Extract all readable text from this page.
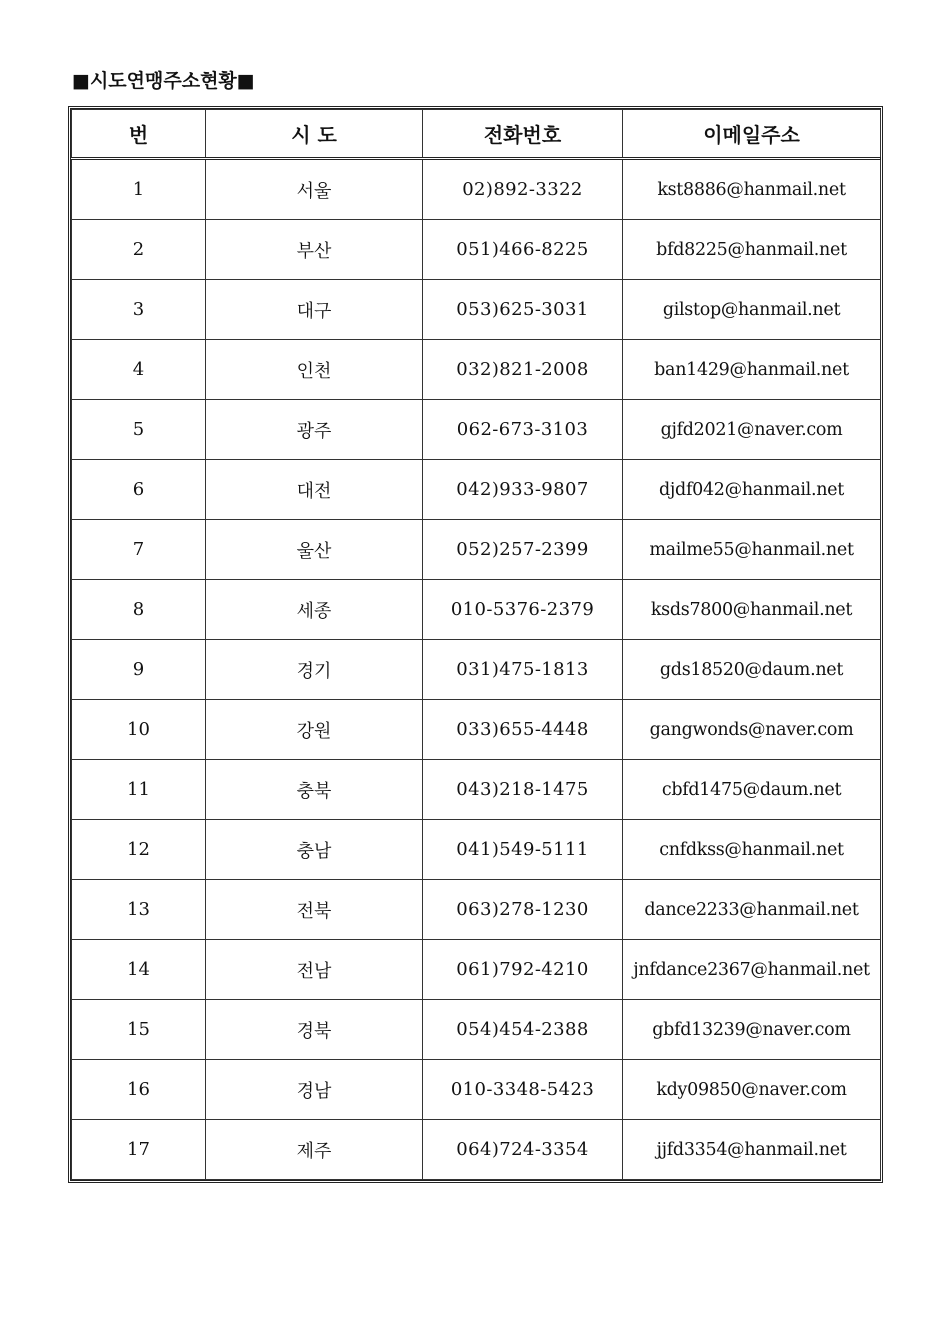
■시도연맹주소현황■
번	시 도	전화번호	이메일주소
1	서울	02)892-3322	kst8886@hanmail.net
2	부산	051)466-8225	bfd8225@hanmail.net
3	대구	053)625-3031	gilstop@hanmail.net
4	인천	032)821-2008	ban1429@hanmail.net
5	광주	062-673-3103	gjfd2021@naver.com
6	대전	042)933-9807	djdf042@hanmail.net
7	울산	052)257-2399	mailme55@hanmail.net
8	세종	010-5376-2379	ksds7800@hanmail.net
9	경기	031)475-1813	gds18520@daum.net
10	강원	033)655-4448	gangwonds@naver.com
11	충북	043)218-1475	cbfd1475@daum.net
12	충남	041)549-5111	cnfdkss@hanmail.net
13	전북	063)278-1230	dance2233@hanmail.net
14	전남	061)792-4210	jnfdance2367@hanmail.net
15	경북	054)454-2388	gbfd13239@naver.com
16	경남	010-3348-5423	kdy09850@naver.com
17	제주	064)724-3354	jjfd3354@hanmail.net
